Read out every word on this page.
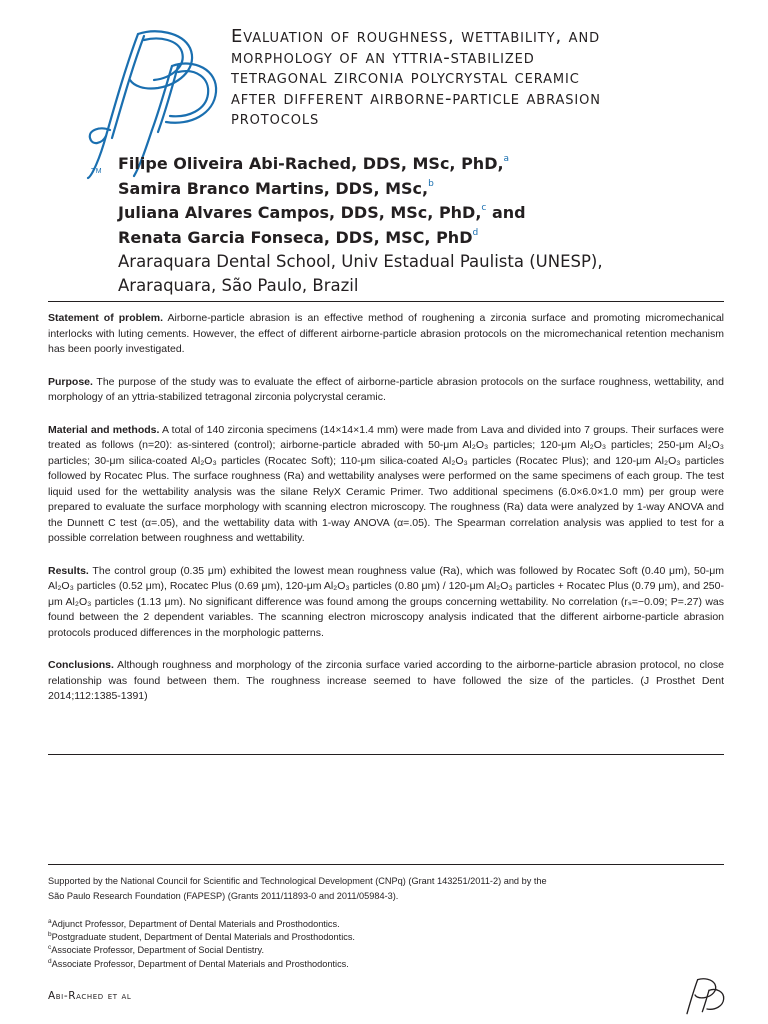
TM
Evaluation of roughness, wettability, and
morphology of an yttria-stabilized
tetragonal zirconia polycrystal ceramic
after different airborne-particle abrasion
protocols
Filipe Oliveira Abi-Rached, DDS, MSc, PhD,$^a$
Samira Branco Martins, DDS, MSc,$^b$
Juliana Alvares Campos, DDS, MSc, PhD,$^c$ and
Renata Garcia Fonseca, DDS, MSC, PhD$^d$
Araraquara Dental School, Univ Estadual Paulista (UNESP),
Araraquara, São Paulo, Brazil

Statement of problem. Airborne-particle abrasion is an effective method of roughening a zirconia surface and promoting micromechanical interlocks with luting cements. However, the effect of different airborne-particle abrasion protocols on the micromechanical retention mechanism has been poorly investigated.

Purpose. The purpose of the study was to evaluate the effect of airborne-particle abrasion protocols on the surface roughness, wettability, and morphology of an yttria-stabilized tetragonal zirconia polycrystal ceramic.

Material and methods. A total of 140 zirconia specimens (14×14×1.4 mm) were made from Lava and divided into 7 groups. Their surfaces were treated as follows (n=20): as-sintered (control); airborne-particle abraded with 50-μm Al₂O₃ particles; 120-μm Al₂O₃ particles; 250-μm Al₂O₃ particles; 30-μm silica-coated Al₂O₃ particles (Rocatec Soft); 110-μm silica-coated Al₂O₃ particles (Rocatec Plus); and 120-μm Al₂O₃ particles followed by Rocatec Plus. The surface roughness (Ra) and wettability analyses were performed on the same specimens of each group. The test liquid used for the wettability analysis was the silane RelyX Ceramic Primer. Two additional specimens (6.0×6.0×1.0 mm) per group were prepared to evaluate the surface morphology with scanning electron microscopy. The roughness (Ra) data were analyzed by 1-way ANOVA and the Dunnett C test (α=.05), and the wettability data with 1-way ANOVA (α=.05). The Spearman correlation analysis was applied to test for a possible correlation between roughness and wettability.

Results. The control group (0.35 μm) exhibited the lowest mean roughness value (Ra), which was followed by Rocatec Soft (0.40 μm), 50-μm Al₂O₃ particles (0.52 μm), Rocatec Plus (0.69 μm), 120-μm Al₂O₃ particles (0.80 μm) / 120-μm Al₂O₃ particles + Rocatec Plus (0.79 μm), and 250-μm Al₂O₃ particles (1.13 μm). No significant difference was found among the groups concerning wettability. No correlation (rₛ=−0.09; P=.27) was found between the 2 dependent variables. The scanning electron microscopy analysis indicated that the different airborne-particle abrasion protocols produced differences in the morphologic patterns.

Conclusions. Although roughness and morphology of the zirconia surface varied according to the airborne-particle abrasion protocol, no close relationship was found between them. The roughness increase seemed to have followed the size of the particles. (J Prosthet Dent 2014;112:1385-1391)

Supported by the National Council for Scientific and Technological Development (CNPq) (Grant 143251/2011-2) and by the
São Paulo Research Foundation (FAPESP) (Grants 2011/11893-0 and 2011/05984-3).
$^a$Adjunct Professor, Department of Dental Materials and Prosthodontics.
$^b$Postgraduate student, Department of Dental Materials and Prosthodontics.
$^c$Associate Professor, Department of Social Dentistry.
$^d$Associate Professor, Department of Dental Materials and Prosthodontics.
Abi-Rached et al
